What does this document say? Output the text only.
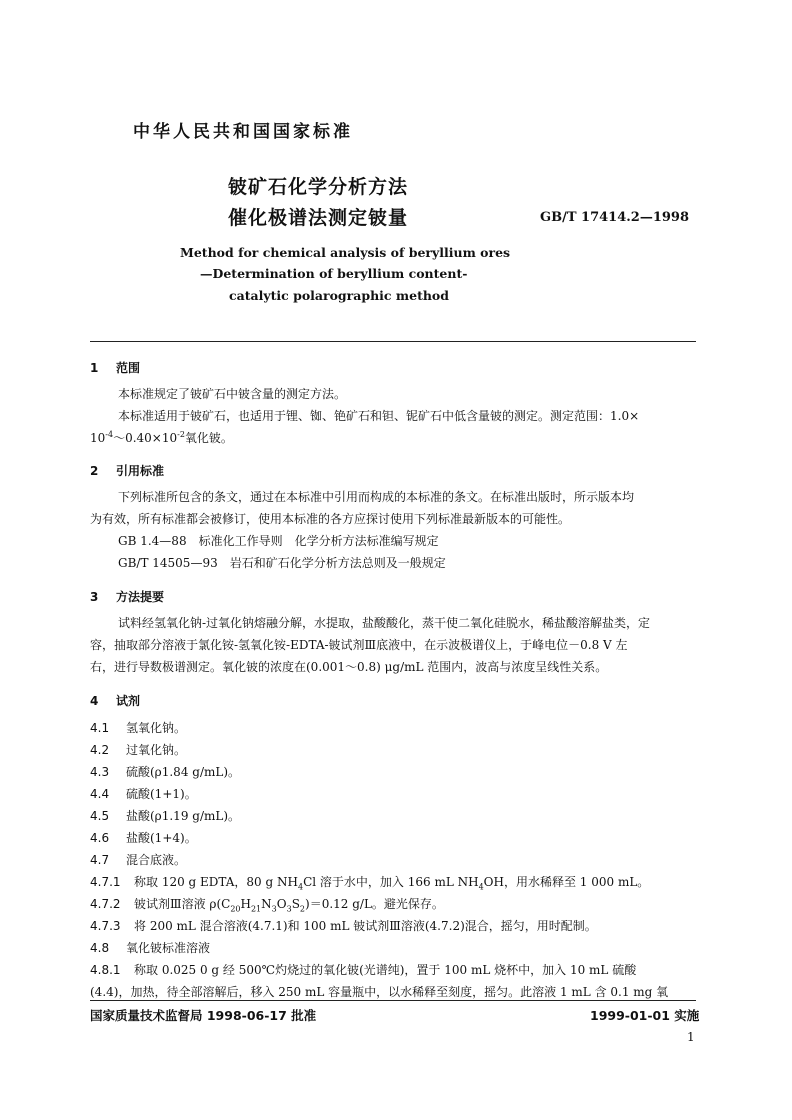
中华人民共和国国家标准
铍矿石化学分析方法
催化极谱法测定铍量	GB/T 17414.2—1998
Method for chemical analysis of beryllium ores
—Determination of beryllium content-
catalytic polarographic method
1 范围
本标准规定了铍矿石中铍含量的测定方法。
本标准适用于铍矿石，也适用于锂、铷、铯矿石和钽、铌矿石中低含量铍的测定。测定范围：1.0×
$10^{-4}\sim 0.40\times 10^{-2}$氧化铍。
2 引用标准
下列标准所包含的条文，通过在本标准中引用而构成的本标准的条文。在标准出版时，所示版本均
为有效，所有标准都会被修订，使用本标准的各方应探讨使用下列标准最新版本的可能性。
GB 1.4—88　标准化工作导则　化学分析方法标准编写规定
GB/T 14505—93　岩石和矿石化学分析方法总则及一般规定
3 方法提要
试料经氢氧化钠-过氧化钠熔融分解，水提取，盐酸酸化，蒸干使二氧化硅脱水，稀盐酸溶解盐类，定
容，抽取部分溶液于氯化铵-氢氧化铵-EDTA-铍试剂Ⅲ底液中，在示波极谱仪上，于峰电位－0.8 V 左
右，进行导数极谱测定。氧化铍的浓度在(0.001～0.8) μg/mL 范围内，波高与浓度呈线性关系。
4 试剂
4.1 氢氧化钠。
4.2 过氧化钠。
4.3 硫酸(ρ1.84 g/mL)。
4.4 硫酸(1+1)。
4.5 盐酸(ρ1.19 g/mL)。
4.6 盐酸(1+4)。
4.7 混合底液。
4.7.1 称取 120 g EDTA，80 g $NH_4Cl$ 溶于水中，加入 166 mL $NH_4OH$，用水稀释至 1 000 mL。
4.7.2 铍试剂Ⅲ溶液 $\rho(C_{20}H_{21}N_3O_3S_2)=0.12$ g/L。避光保存。
4.7.3 将 200 mL 混合溶液(4.7.1)和 100 mL 铍试剂Ⅲ溶液(4.7.2)混合，摇匀，用时配制。
4.8 氧化铍标准溶液
4.8.1 称取 0.025 0 g 经 500℃灼烧过的氧化铍(光谱纯)，置于 100 mL 烧杯中，加入 10 mL 硫酸
(4.4)，加热，待全部溶解后，移入 250 mL 容量瓶中，以水稀释至刻度，摇匀。此溶液 1 mL 含 0.1 mg 氧
国家质量技术监督局 1998-06-17 批准	1999-01-01 实施
1
